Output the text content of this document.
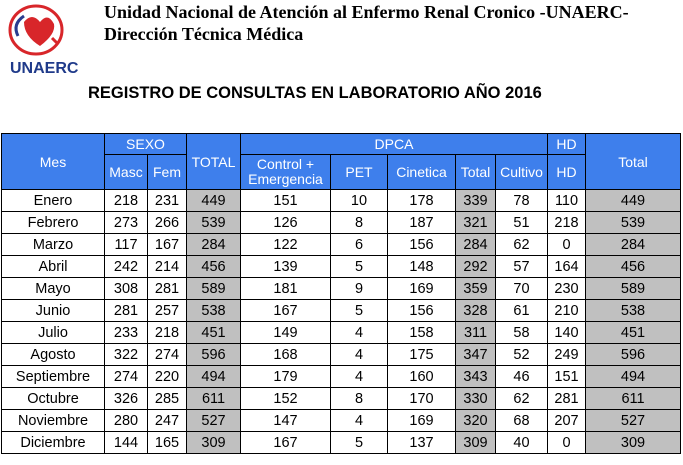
UNAERC
Unidad Nacional de Atención al Enfermo Renal Cronico -UNAERC-
Dirección Técnica Médica
REGISTRO DE CONSULTAS EN LABORATORIO AÑO 2016
Mes	SEXO		TOTAL	DPCA					HD	Total
	Masc	Fem		Control + Emergencia	PET	Cinetica	Total	Cultivo	HD	
Enero	218	231	449	151	10	178	339	78	110	449
Febrero	273	266	539	126	8	187	321	51	218	539
Marzo	117	167	284	122	6	156	284	62	0	284
Abril	242	214	456	139	5	148	292	57	164	456
Mayo	308	281	589	181	9	169	359	70	230	589
Junio	281	257	538	167	5	156	328	61	210	538
Julio	233	218	451	149	4	158	311	58	140	451
Agosto	322	274	596	168	4	175	347	52	249	596
Septiembre	274	220	494	179	4	160	343	46	151	494
Octubre	326	285	611	152	8	170	330	62	281	611
Noviembre	280	247	527	147	4	169	320	68	207	527
Diciembre	144	165	309	167	5	137	309	40	0	309
